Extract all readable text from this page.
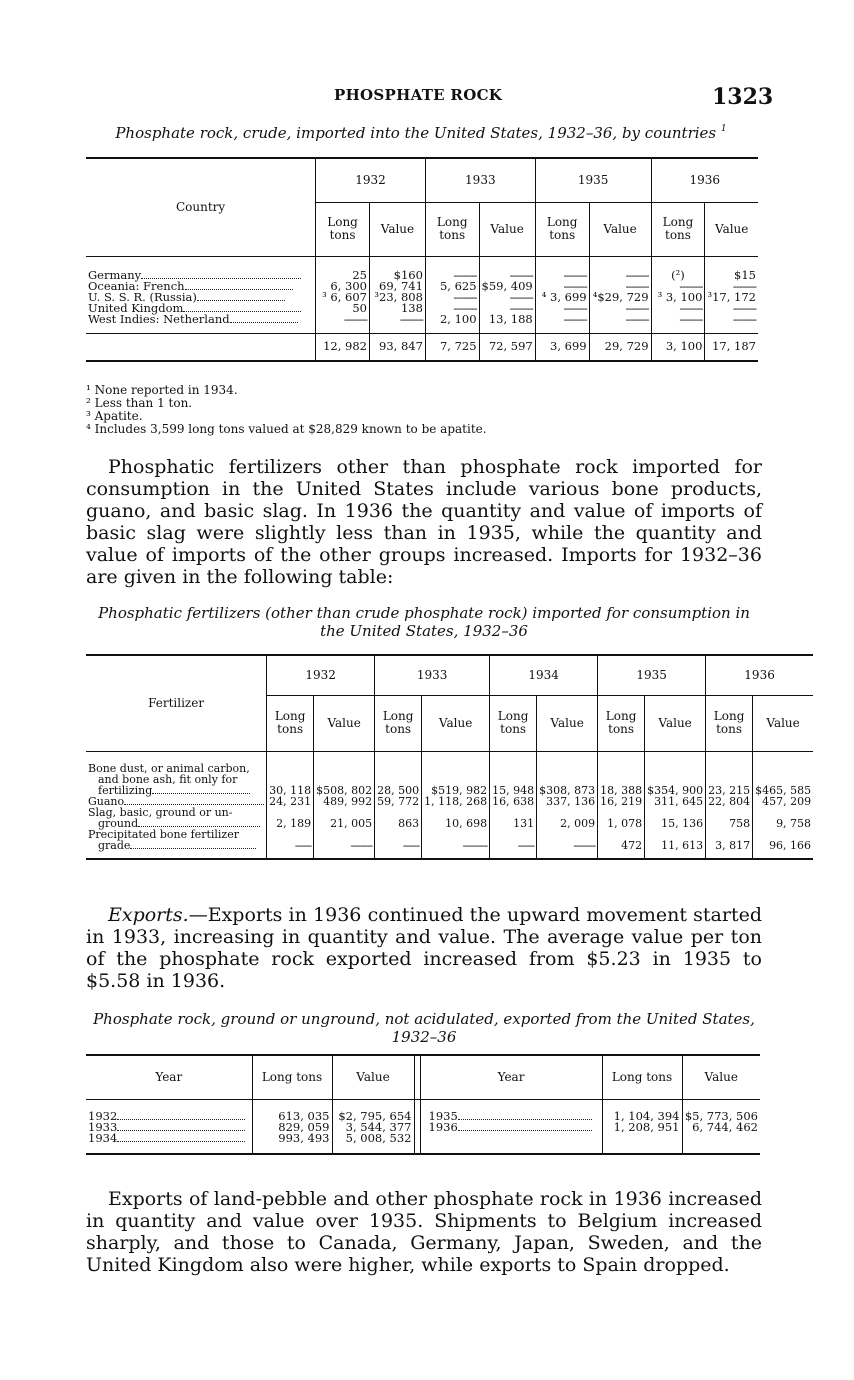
PHOSPHATE ROCK	1323
Phosphate rock, crude, imported into the United States, 1932–36, by countries $^1$
Country	1932		1933		1935		1936	
	Long tons	Value	Long tons	Value	Long tons	Value	Long tons	Value

Germany	25	$160	--------	--------	--------	--------	(²)	$15
Oceania: French	6, 300	69, 741	5, 625	$59, 409	--------	--------	--------	--------
U. S. S. R. (Russia)	³ 6, 607	³23, 808	--------	--------	⁴ 3, 699	⁴$29, 729	³ 3, 100	³17, 172
United Kingdom	50	138	--------	--------	--------	--------	--------	--------
West Indies: Netherland	--------	--------	2, 100	13, 188	--------	--------	--------	--------

	12, 982	93, 847	7, 725	72, 597	3, 699	29, 729	3, 100	17, 187
¹ None reported in 1934.
² Less than 1 ton.
³ Apatite.
⁴ Includes 3,599 long tons valued at $28,829 known to be apatite.
Phosphatic fertilizers other than phosphate rock imported for consumption in the United States include various bone products, guano, and basic slag. In 1936 the quantity and value of imports of basic slag were slightly less than in 1935, while the quantity and value of imports of the other groups increased. Imports for 1932–36 are given in the following table:
Phosphatic fertilizers (other than crude phosphate rock) imported for consumption in
the United States, 1932–36
Fertilizer	1932		1933		1934		1935		1936	
	Long tons	Value	Long tons	Value	Long tons	Value	Long tons	Value	Long tons	Value

Bone dust, or animal carbon,
and bone ash, fit only for
fertilizing	30, 118	$508, 802	28, 500	$519, 982	15, 948	$308, 873	18, 388	$354, 900	23, 215	$465, 585
Guano	24, 231	489, 992	59, 772	1, 118, 268	16, 638	337, 136	16, 219	311, 645	22, 804	457, 209

Slag, basic, ground or un-
ground	2, 189	21, 005	863	10, 698	131	2, 009	1, 078	15, 136	758	9, 758

Precipitated bone fertilizer
grade	------	--------	------	---------	------	--------	472	11, 613	3, 817	96, 166

Exports.—Exports in 1936 continued the upward movement started in 1933, increasing in quantity and value. The average value per ton of the phosphate rock exported increased from $5.23 in 1935 to $5.58 in 1936.
Phosphate rock, ground or unground, not acidulated, exported from the United States,
1932–36
Year	Long tons	Value		Year	Long tons	Value

1932	613, 035	$2, 795, 654		1935	1, 104, 394	$5, 773, 506
1933	829, 059	3, 544, 377		1936	1, 208, 951	6, 744, 462
1934	993, 493	5, 008, 532				

Exports of land-pebble and other phosphate rock in 1936 increased in quantity and value over 1935. Shipments to Belgium increased sharply, and those to Canada, Germany, Japan, Sweden, and the United Kingdom also were higher, while exports to Spain dropped.
